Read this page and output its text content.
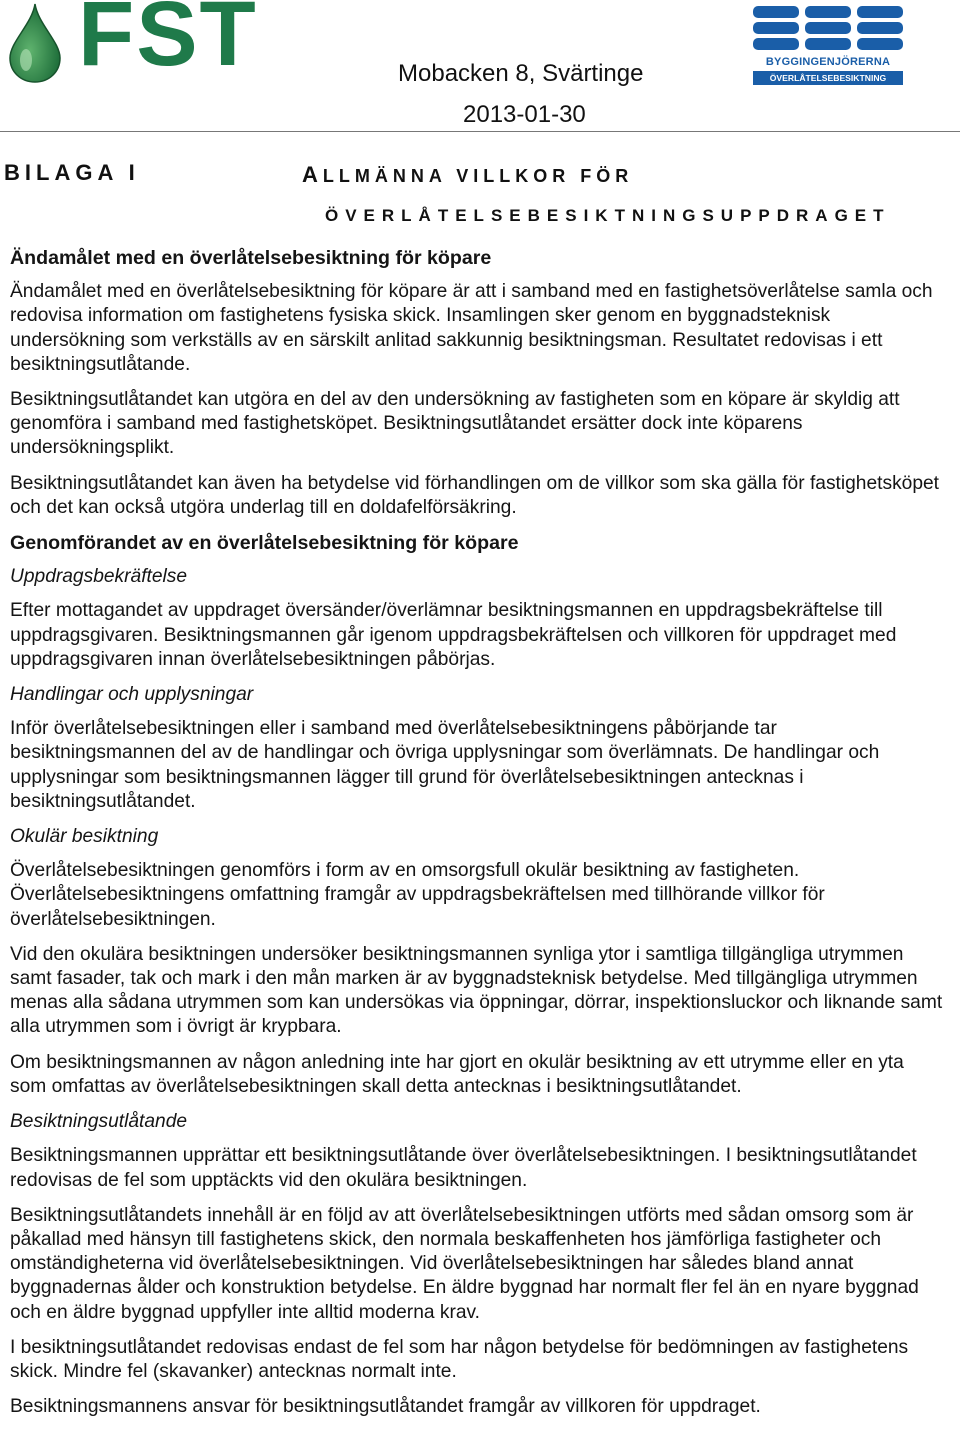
FST	Mobacken 8, Svärtinge
2013-01-30
BYGGINGENJÖRERNA
ÖVERLÅTELSEBESIKTNING
BILAGA I	ALLMÄNNA VILLKOR FÖR
ÖVERLÅTELSEBESIKTNINGSUPPDRAGET
Ändamålet med en överlåtelsebesiktning för köpare

Ändamålet med en överlåtelsebesiktning för köpare är att i samband med en fastighetsöverlåtelse samla och redovisa information om fastighetens fysiska skick. Insamlingen sker genom en byggnadsteknisk undersökning som verkställs av en särskilt anlitad sakkunnig besiktningsman. Resultatet redovisas i ett besiktningsutlåtande.

Besiktningsutlåtandet kan utgöra en del av den undersökning av fastigheten som en köpare är skyldig att genomföra i samband med fastighetsköpet. Besiktningsutlåtandet ersätter dock inte köparens undersökningsplikt.

Besiktningsutlåtandet kan även ha betydelse vid förhandlingen om de villkor som ska gälla för fastighetsköpet och det kan också utgöra underlag till en doldafelförsäkring.

Genomförandet av en överlåtelsebesiktning för köpare
Uppdragsbekräftelse

Efter mottagandet av uppdraget översänder/överlämnar besiktningsmannen en uppdragsbekräftelse till uppdragsgivaren. Besiktningsmannen går igenom uppdragsbekräftelsen och villkoren för uppdraget med uppdragsgivaren innan överlåtelsebesiktningen påbörjas.

Handlingar och upplysningar

Inför överlåtelsebesiktningen eller i samband med överlåtelsebesiktningens påbörjande tar besiktningsmannen del av de handlingar och övriga upplysningar som överlämnats. De handlingar och upplysningar som besiktningsmannen lägger till grund för överlåtelsebesiktningen antecknas i besiktningsutlåtandet.

Okulär besiktning

Överlåtelsebesiktningen genomförs i form av en omsorgsfull okulär besiktning av fastigheten. Överlåtelsebesiktningens omfattning framgår av uppdragsbekräftelsen med tillhörande villkor för överlåtelsebesiktningen.

Vid den okulära besiktningen undersöker besiktningsmannen synliga ytor i samtliga tillgängliga utrymmen samt fasader, tak och mark i den mån marken är av byggnadsteknisk betydelse. Med tillgängliga utrymmen menas alla sådana utrymmen som kan undersökas via öppningar, dörrar, inspektionsluckor och liknande samt alla utrymmen som i övrigt är krypbara.

Om besiktningsmannen av någon anledning inte har gjort en okulär besiktning av ett utrymme eller en yta som omfattas av överlåtelsebesiktningen skall detta antecknas i besiktningsutlåtandet.

Besiktningsutlåtande

Besiktningsmannen upprättar ett besiktningsutlåtande över överlåtelsebesiktningen. I besiktningsutlåtandet redovisas de fel som upptäckts vid den okulära besiktningen.

Besiktningsutlåtandets innehåll är en följd av att överlåtelsebesiktningen utförts med sådan omsorg som är påkallad med hänsyn till fastighetens skick, den normala beskaffenheten hos jämförliga fastigheter och omständigheterna vid överlåtelsebesiktningen. Vid överlåtelsebesiktningen har således bland annat byggnadernas ålder och konstruktion betydelse. En äldre byggnad har normalt fler fel än en nyare byggnad och en äldre byggnad uppfyller inte alltid moderna krav.

I besiktningsutlåtandet redovisas endast de fel som har någon betydelse för bedömningen av fastighetens skick. Mindre fel (skavanker) antecknas normalt inte.

Besiktningsmannens ansvar för besiktningsutlåtandet framgår av villkoren för uppdraget.
